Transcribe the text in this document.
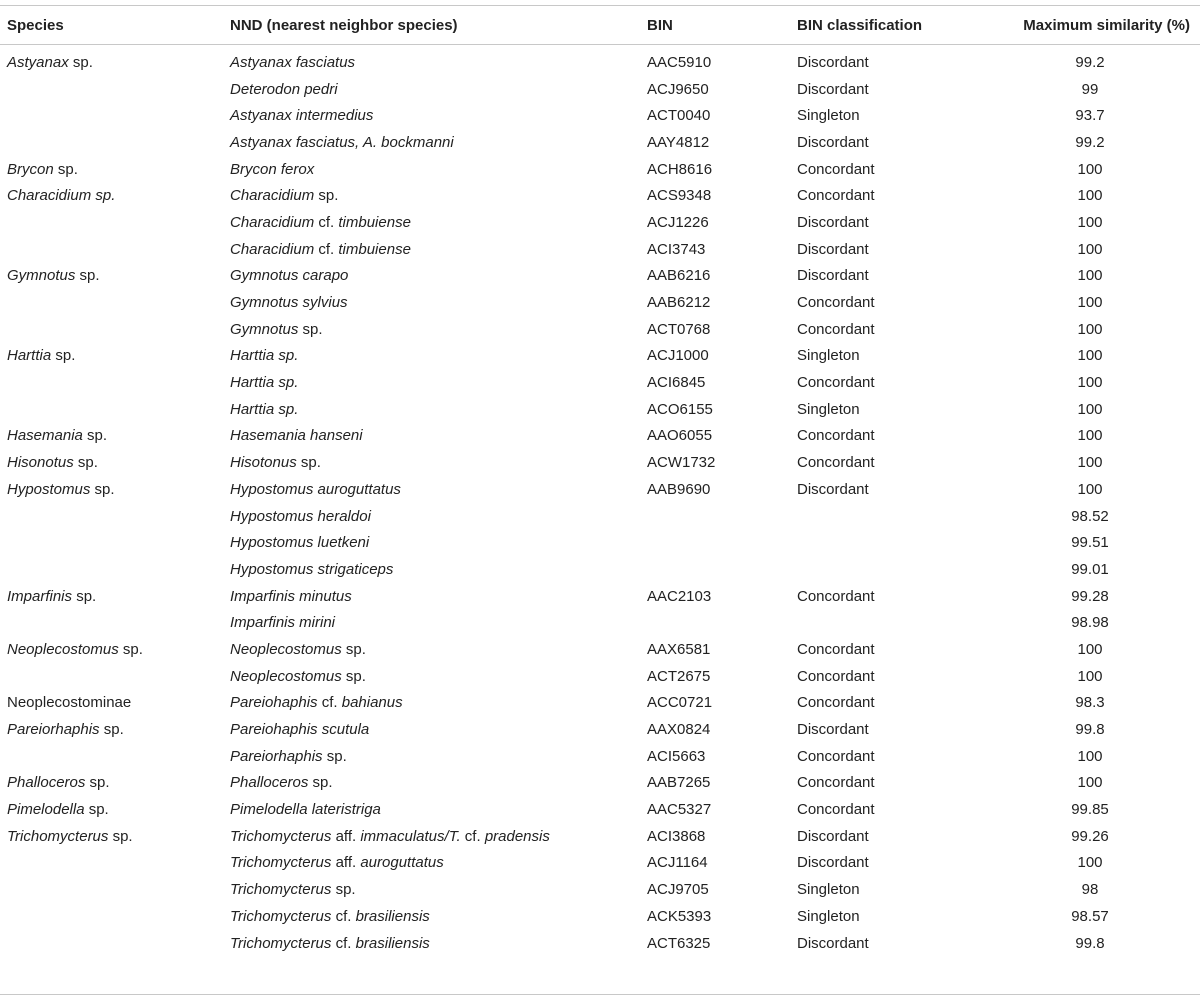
Species	NND (nearest neighbor species)	BIN	BIN classification	Maximum similarity (%)

Astyanax sp.	Astyanax fasciatus	AAC5910	Discordant	99.2
	Deterodon pedri	ACJ9650	Discordant	99
	Astyanax intermedius	ACT0040	Singleton	93.7
	Astyanax fasciatus, A. bockmanni	AAY4812	Discordant	99.2
Brycon sp.	Brycon ferox	ACH8616	Concordant	100
Characidium sp.	Characidium sp.	ACS9348	Concordant	100
	Characidium cf. timbuiense	ACJ1226	Discordant	100
	Characidium cf. timbuiense	ACI3743	Discordant	100
Gymnotus sp.	Gymnotus carapo	AAB6216	Discordant	100
	Gymnotus sylvius	AAB6212	Concordant	100
	Gymnotus sp.	ACT0768	Concordant	100
Harttia sp.	Harttia sp.	ACJ1000	Singleton	100
	Harttia sp.	ACI6845	Concordant	100
	Harttia sp.	ACO6155	Singleton	100
Hasemania sp.	Hasemania hanseni	AAO6055	Concordant	100
Hisonotus sp.	Hisotonus sp.	ACW1732	Concordant	100
Hypostomus sp.	Hypostomus auroguttatus	AAB9690	Discordant	100
	Hypostomus heraldoi			98.52
	Hypostomus luetkeni			99.51
	Hypostomus strigaticeps			99.01
Imparfinis sp.	Imparfinis minutus	AAC2103	Concordant	99.28
	Imparfinis mirini			98.98
Neoplecostomus sp.	Neoplecostomus sp.	AAX6581	Concordant	100
	Neoplecostomus sp.	ACT2675	Concordant	100
Neoplecostominae	Pareiohaphis cf. bahianus	ACC0721	Concordant	98.3
Pareiorhaphis sp.	Pareiohaphis scutula	AAX0824	Discordant	99.8
	Pareiorhaphis sp.	ACI5663	Concordant	100
Phalloceros sp.	Phalloceros sp.	AAB7265	Concordant	100
Pimelodella sp.	Pimelodella lateristriga	AAC5327	Concordant	99.85
Trichomycterus sp.	Trichomycterus aff. immaculatus/T. cf. pradensis	ACI3868	Discordant	99.26
	Trichomycterus aff. auroguttatus	ACJ1164	Discordant	100
	Trichomycterus sp.	ACJ9705	Singleton	98
	Trichomycterus cf. brasiliensis	ACK5393	Singleton	98.57
	Trichomycterus cf. brasiliensis	ACT6325	Discordant	99.8
